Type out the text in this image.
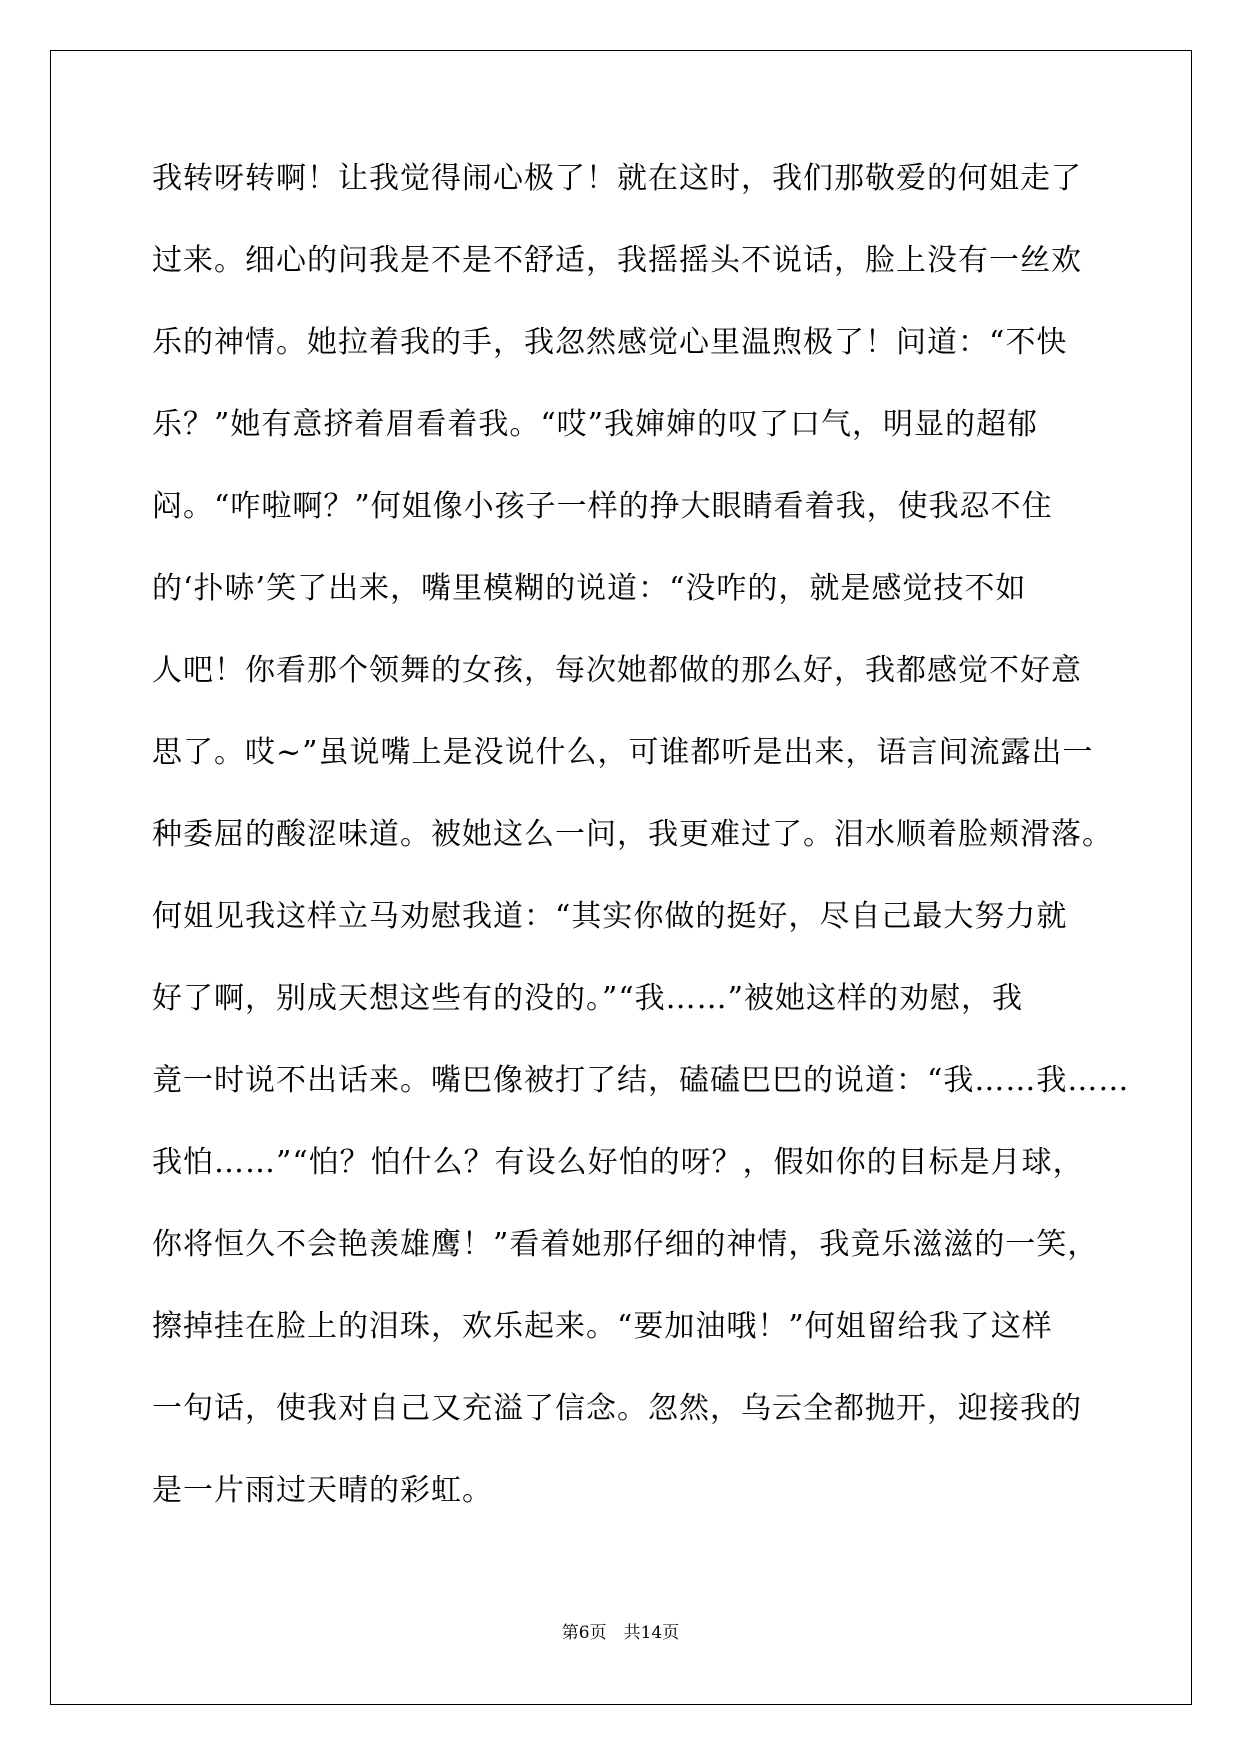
我转呀转啊！让我觉得闹心极了！就在这时，我们那敬爱的何姐走了
过来。细心的问我是不是不舒适，我摇摇头不说话，脸上没有一丝欢
乐的神情。她拉着我的手，我忽然感觉心里温煦极了！问道：“不快
乐？”她有意挤着眉看着我。“哎”我婶婶的叹了口气，明显的超郁
闷。“咋啦啊？”何姐像小孩子一样的挣大眼睛看着我，使我忍不住
的‘扑哧’笑了出来，嘴里模糊的说道：“没咋的，就是感觉技不如
人吧！你看那个领舞的女孩，每次她都做的那么好，我都感觉不好意
思了。哎~”虽说嘴上是没说什么，可谁都听是出来，语言间流露出一
种委屈的酸涩味道。被她这么一问，我更难过了。泪水顺着脸颊滑落。
何姐见我这样立马劝慰我道：“其实你做的挺好，尽自己最大努力就
好了啊，别成天想这些有的没的。”“我……”被她这样的劝慰，我
竟一时说不出话来。嘴巴像被打了结，磕磕巴巴的说道：“我……我……
我怕……”“怕？怕什么？有设么好怕的呀？，假如你的目标是月球，
你将恒久不会艳羡雄鹰！”看着她那仔细的神情，我竟乐滋滋的一笑，
擦掉挂在脸上的泪珠，欢乐起来。“要加油哦！”何姐留给我了这样
一句话，使我对自己又充溢了信念。忽然，乌云全都抛开，迎接我的
是一片雨过天晴的彩虹。
第6页　共14页
